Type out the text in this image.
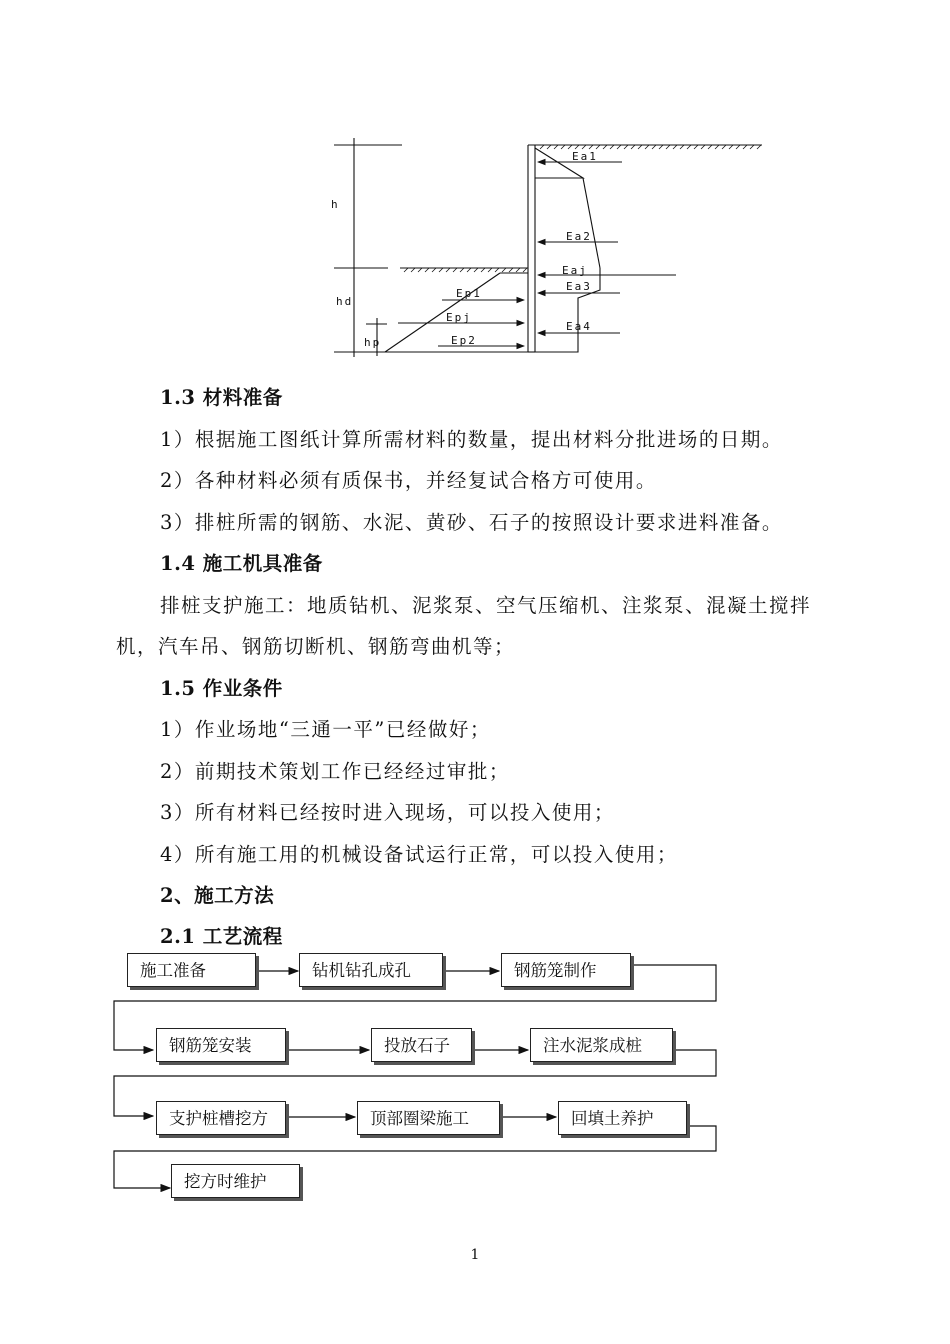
h
hd
hp
Ea1
Ea2
Eaj
Ea3
Ea4
Ep1
Epj
Ep2
1.3 材料准备
1）根据施工图纸计算所需材料的数量，提出材料分批进场的日期。
2）各种材料必须有质保书，并经复试合格方可使用。
3）排桩所需的钢筋、水泥、黄砂、石子的按照设计要求进料准备。
1.4 施工机具准备
排桩支护施工：地质钻机、泥浆泵、空气压缩机、注浆泵、混凝土搅拌
机，汽车吊、钢筋切断机、钢筋弯曲机等；
1.5 作业条件
1）作业场地“三通一平”已经做好；
2）前期技术策划工作已经经过审批；
3）所有材料已经按时进入现场，可以投入使用；
4）所有施工用的机械设备试运行正常，可以投入使用；
2、施工方法
2.1 工艺流程
施工准备	钻机钻孔成孔	钢筋笼制作
钢筋笼安装	投放石子	注水泥浆成桩
支护桩槽挖方	顶部圈梁施工	回填土养护
挖方时维护
1
